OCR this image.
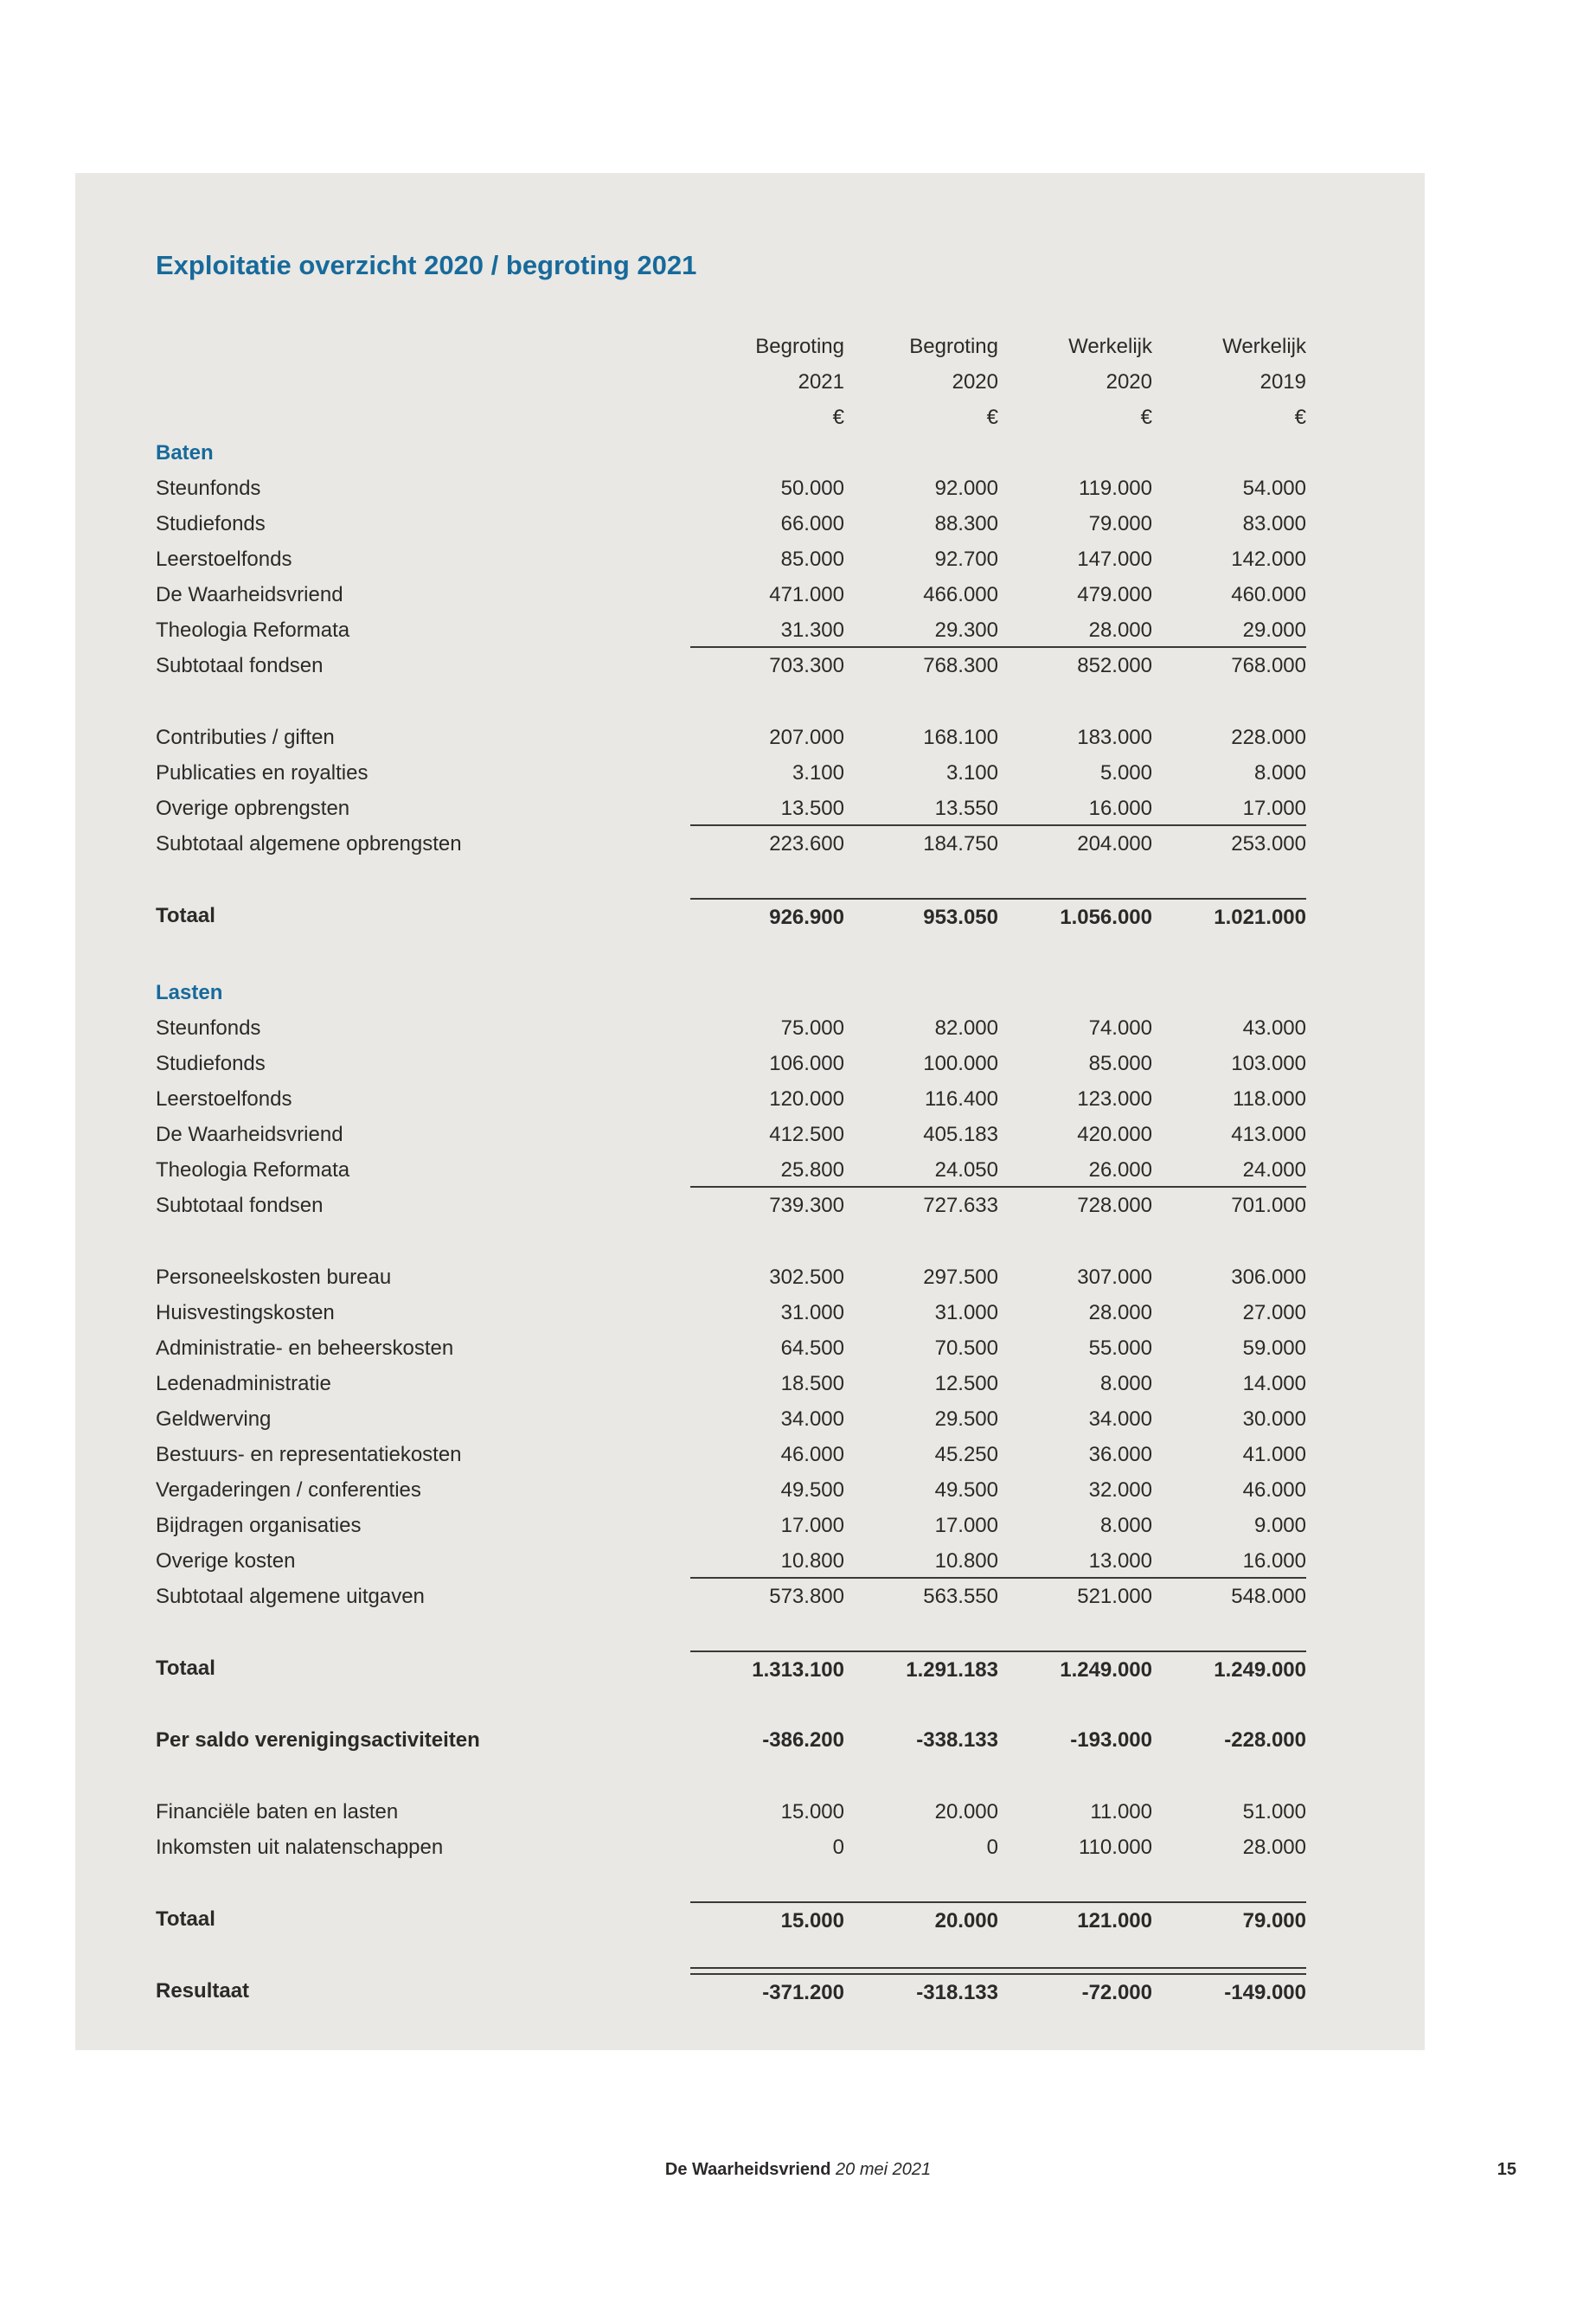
Exploitatie overzicht 2020 / begroting 2021
Begroting	Begroting	Werkelijk	Werkelijk
2021	2020	2020	2019
€	€	€	€
Baten
Steunfonds	50.000	92.000	119.000	54.000
Studiefonds	66.000	88.300	79.000	83.000
Leerstoelfonds	85.000	92.700	147.000	142.000
De Waarheidsvriend	471.000	466.000	479.000	460.000
Theologia Reformata	31.300	29.300	28.000	29.000
Subtotaal fondsen	703.300	768.300	852.000	768.000
Contributies / giften	207.000	168.100	183.000	228.000
Publicaties en royalties	3.100	3.100	5.000	8.000
Overige opbrengsten	13.500	13.550	16.000	17.000
Subtotaal algemene opbrengsten	223.600	184.750	204.000	253.000
Totaal	926.900	953.050	1.056.000	1.021.000
Lasten
Steunfonds	75.000	82.000	74.000	43.000
Studiefonds	106.000	100.000	85.000	103.000
Leerstoelfonds	120.000	116.400	123.000	118.000
De Waarheidsvriend	412.500	405.183	420.000	413.000
Theologia Reformata	25.800	24.050	26.000	24.000
Subtotaal fondsen	739.300	727.633	728.000	701.000
Personeelskosten bureau	302.500	297.500	307.000	306.000
Huisvestingskosten	31.000	31.000	28.000	27.000
Administratie- en beheerskosten	64.500	70.500	55.000	59.000
Ledenadministratie	18.500	12.500	8.000	14.000
Geldwerving	34.000	29.500	34.000	30.000
Bestuurs- en representatiekosten	46.000	45.250	36.000	41.000
Vergaderingen / conferenties	49.500	49.500	32.000	46.000
Bijdragen organisaties	17.000	17.000	8.000	9.000
Overige kosten	10.800	10.800	13.000	16.000
Subtotaal algemene uitgaven	573.800	563.550	521.000	548.000
Totaal	1.313.100	1.291.183	1.249.000	1.249.000
Per saldo verenigingsactiviteiten	-386.200	-338.133	-193.000	-228.000
Financiële baten en lasten	15.000	20.000	11.000	51.000
Inkomsten uit nalatenschappen	0	0	110.000	28.000
Totaal	15.000	20.000	121.000	79.000
Resultaat	-371.200	-318.133	-72.000	-149.000
De Waarheidsvriend 20 mei 2021	15
